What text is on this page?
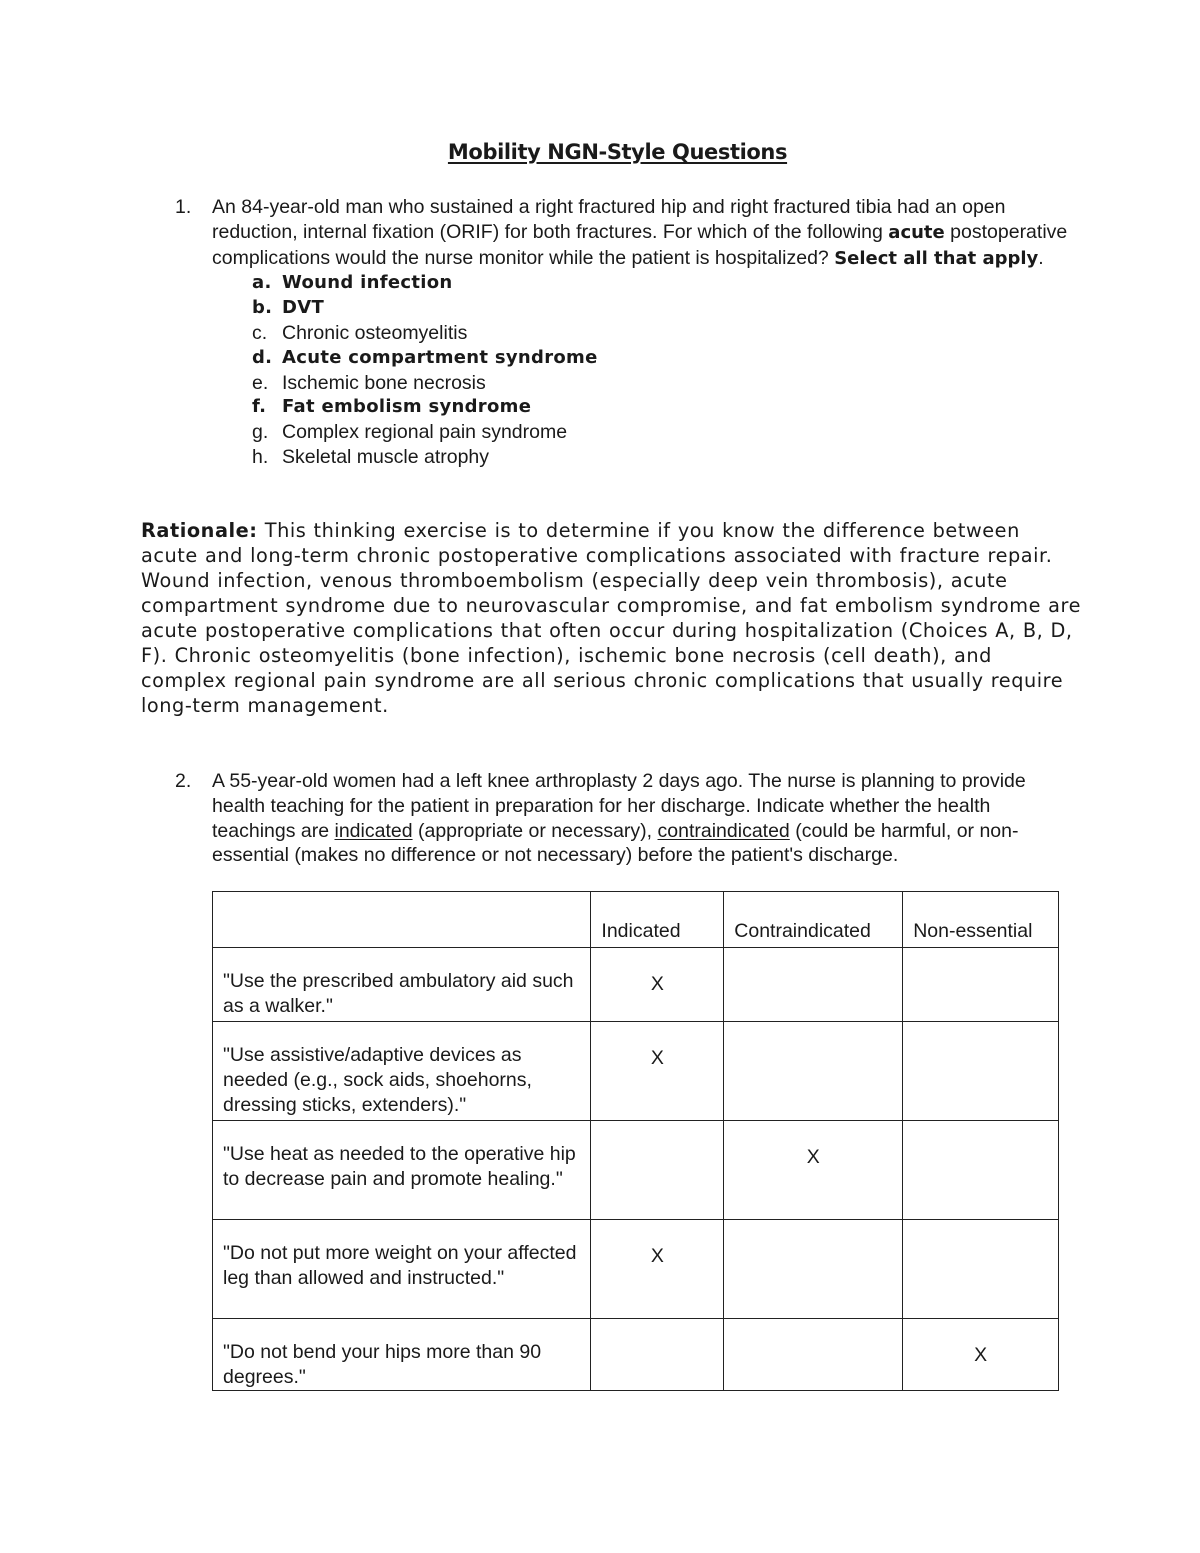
Mobility NGN-Style Questions
1. An 84-year-old man who sustained a right fractured hip and right fractured tibia had an open reduction, internal fixation (ORIF) for both fractures. For which of the following acute postoperative complications would the nurse monitor while the patient is hospitalized? Select all that apply.
a. Wound infection
b. DVT
c. Chronic osteomyelitis
d. Acute compartment syndrome
e. Ischemic bone necrosis
f. Fat embolism syndrome
g. Complex regional pain syndrome
h. Skeletal muscle atrophy
Rationale: This thinking exercise is to determine if you know the difference between acute and long-term chronic postoperative complications associated with fracture repair. Wound infection, venous thromboembolism (especially deep vein thrombosis), acute compartment syndrome due to neurovascular compromise, and fat embolism syndrome are acute postoperative complications that often occur during hospitalization (Choices A, B, D, F). Chronic osteomyelitis (bone infection), ischemic bone necrosis (cell death), and complex regional pain syndrome are all serious chronic complications that usually require long-term management.
2. A 55-year-old women had a left knee arthroplasty 2 days ago. The nurse is planning to provide health teaching for the patient in preparation for her discharge. Indicate whether the health teachings are indicated (appropriate or necessary), contraindicated (could be harmful, or non-essential (makes no difference or not necessary) before the patient's discharge.
	Indicated	Contraindicated	Non-essential
"Use the prescribed ambulatory aid such as a walker."	X		
"Use assistive/adaptive devices as needed (e.g., sock aids, shoehorns, dressing sticks, extenders)."	X		
"Use heat as needed to the operative hip to decrease pain and promote healing."		X	
"Do not put more weight on your affected leg than allowed and instructed."	X		
"Do not bend your hips more than 90 degrees."			X
